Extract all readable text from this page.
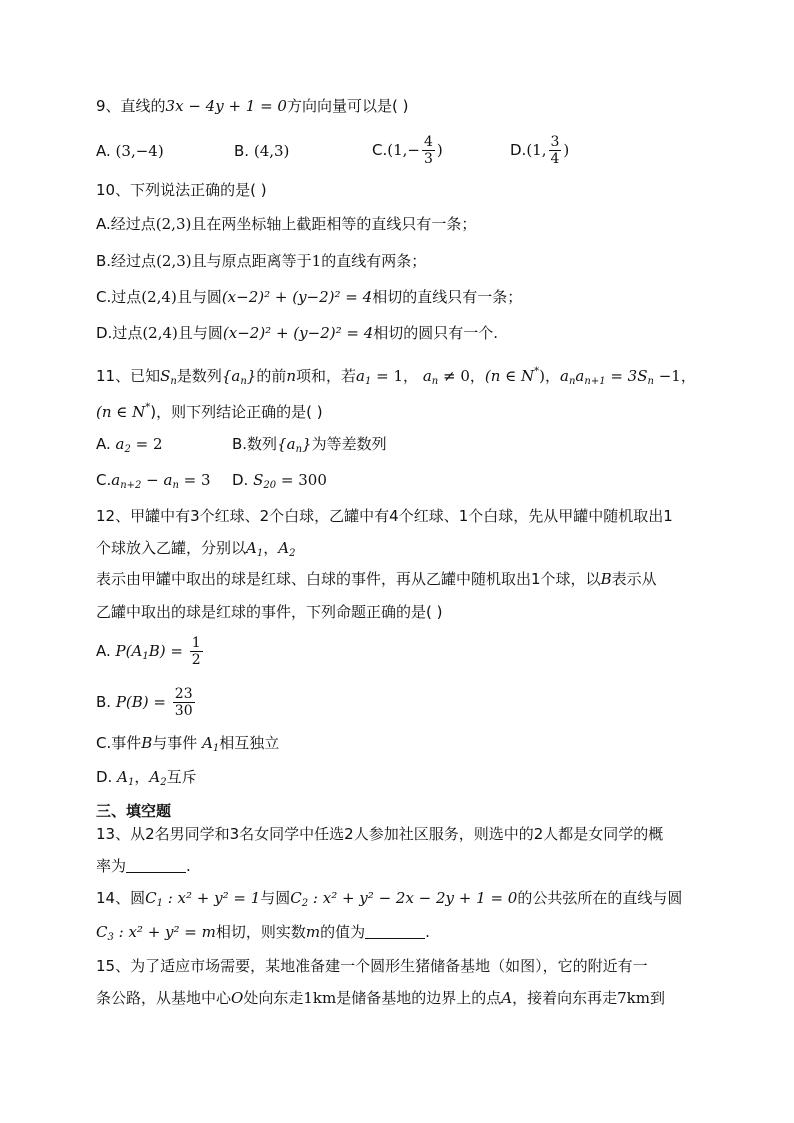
9、直线的3x − 4y + 1 = 0方向向量可以是( )
A. (3,−4)	B. (4,3)	$C.(1,- \frac{4}{3}$ )	D.(1, $\frac{3}{4}$ )
10、下列说法正确的是( )
A.经过点(2,3)且在两坐标轴上截距相等的直线只有一条；
B.经过点(2,3)且与原点距离等于1的直线有两条；
C.过点(2,4)且与圆(x−2)² + (y−2)² = 4相切的直线只有一条；
D.过点(2,4)且与圆(x−2)² + (y−2)² = 4相切的圆只有一个.
11、已知$S_n$是数列$\{a_n\}$的前n项和，若$a_1 = 1$， $a_n \ne 0$，(n ∈ N*)，$a_na_{n+1} = 3S_n -1$，
(n ∈ N*)，则下列结论正确的是( )
A. $a_2 = 2$	B.数列$\{a_n\}$为等差数列
$C.a_{n+2} - a_n = 3$ D. $S_{20} = 300$
12、甲罐中有3个红球、2个白球，乙罐中有4个红球、1个白球，先从甲罐中随机取出1
个球放入乙罐，分别以$A_1$，$A_2$
表示由甲罐中取出的球是红球、白球的事件，再从乙罐中随机取出1个球，以B表示从
乙罐中取出的球是红球的事件，下列命题正确的是( )
A. $P(A_1B) = \frac{1}{2}$
B. $P(B) = \frac{23}{30}$
C.事件B与事件 $A_1$相互独立
D. $A_1$，$A_2$互斥
三、填空题
13、从2名男同学和3名女同学中任选2人参加社区服务，则选中的2人都是女同学的概
率为	.
14、圆$C_1$ : x² + y² = 1与圆$C_2$ : x² + y² − 2x − 2y + 1 = 0的公共弦所在的直线与圆
$C_3$ : x² + y² = m相切，则实数m的值为	.
15、为了适应市场需要，某地准备建一个圆形生猪储备基地（如图），它的附近有一
条公路，从基地中心O处向东走1km是储备基地的边界上的点A，接着向东再走7km到
